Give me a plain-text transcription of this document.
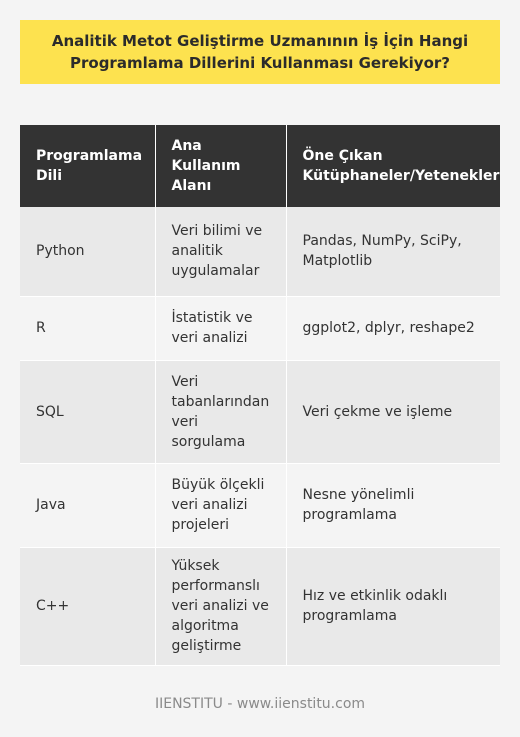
Analitik Metot Geliştirme Uzmanının İş İçin Hangi Programlama Dillerini Kullanması Gerekiyor?
Programlama Dili	Ana Kullanım Alanı	Öne Çıkan Kütüphaneler/Yetenekler
Python	Veri bilimi ve analitik uygulamalar	Pandas, NumPy, SciPy, Matplotlib
R	İstatistik ve veri analizi	ggplot2, dplyr, reshape2
SQL	Veri tabanlarından veri sorgulama	Veri çekme ve işleme
Java	Büyük ölçekli veri analizi projeleri	Nesne yönelimli programlama
C++	Yüksek performanslı veri analizi ve algoritma geliştirme	Hız ve etkinlik odaklı programlama
IIENSTITU - www.iienstitu.com
